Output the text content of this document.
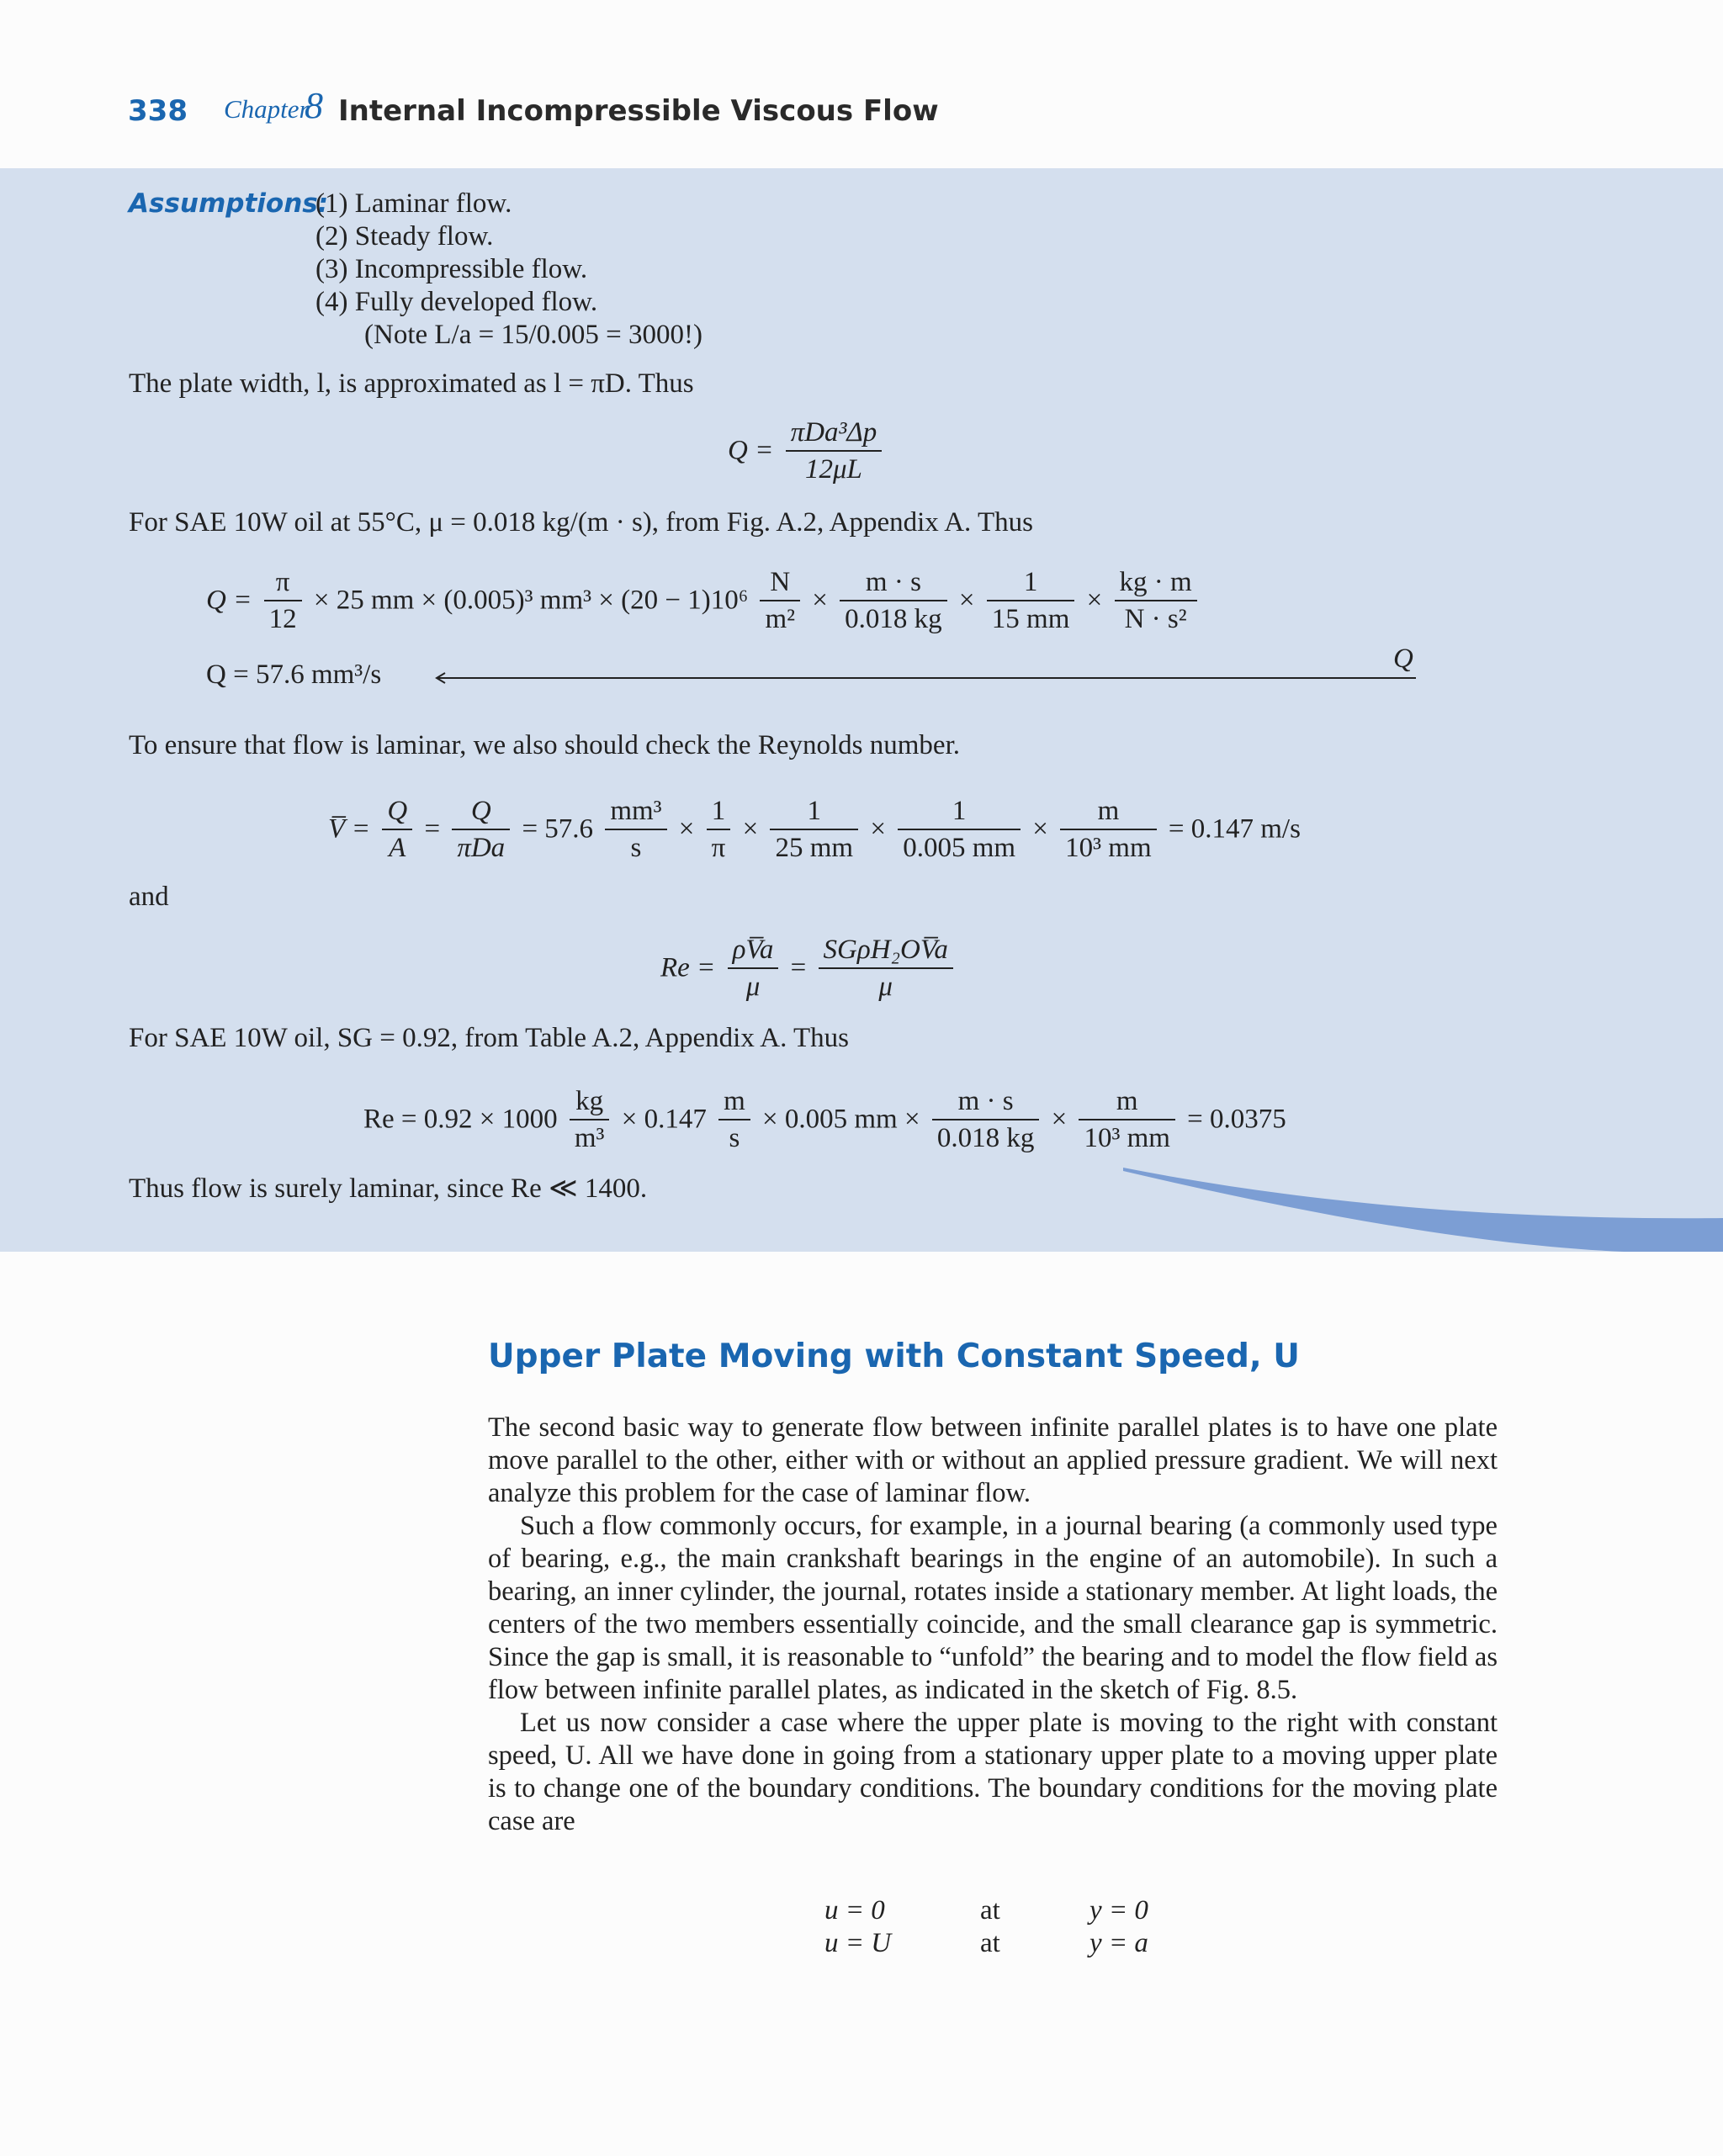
338 Chapter
8 Internal Incompressible Viscous Flow
Assumptions:
(1) Laminar flow.
(2) Steady flow.
(3) Incompressible flow.
(4) Fully developed flow.
(Note L/a = 15/0.005 = 3000!)
The plate width, l, is approximated as l = πD. Thus
$Q = \frac{\text{πDa³Δp}}{12\mu L}$
For SAE 10W oil at 55°C, μ = 0.018 kg/(m · s), from Fig. A.2, Appendix A. Thus
$Q = \frac{\pi}{12} \times 25$ mm × (0.005)³ $mm^3 \times (20 - 1)10^6 \frac{N}{\text{m²}} \times \frac{m \cdot s}{0.018 kg} \times \frac{1}{15 mm} \times \frac{kg \cdot m}{\text{N · s²}}$
Q = 57.6 mm³/s
Q
To ensure that flow is laminar, we also should check the Reynolds number.
V̅ = $\frac{Q}{A} = \frac{Q}{\text{πDa}} = 57.6 \frac{\text{mm³}}{s} \times \frac{1}{\pi} \times \frac{1}{25 mm} \times \frac{1}{0.005 mm} \times \frac{m}{\text{10³ mm}} = 0.147$ m/s
and
$Re = \frac{\rho V̅a}{\mu} = \frac{\text{SGρH₂OV̅a}}{\mu}$
For SAE 10W oil, SG = 0.92, from Table A.2, Appendix A. Thus
$Re = 0.92 \times 1000 \frac{kg}{\text{m³}} \times 0.147 \frac{m}{s} \times 0.005$ mm × $\frac{m \cdot s}{0.018 kg} \times \frac{m}{\text{10³ mm}} = 0.0375$
Thus flow is surely laminar, since Re ≪ 1400.
Upper Plate Moving with Constant Speed, U

The second basic way to generate flow between infinite parallel plates is to have one plate move parallel to the other, either with or without an applied pressure gradient. We will next analyze this problem for the case of laminar flow.

Such a flow commonly occurs, for example, in a journal bearing (a commonly used type of bearing, e.g., the main crankshaft bearings in the engine of an automobile). In such a bearing, an inner cylinder, the journal, rotates inside a stationary member. At light loads, the centers of the two members essentially coincide, and the small clearance gap is symmetric. Since the gap is small, it is reasonable to “unfold” the bearing and to model the flow field as flow between infinite parallel plates, as indicated in the sketch of Fig. 8.5.

Let us now consider a case where the upper plate is moving to the right with constant speed, U. All we have done in going from a stationary upper plate to a moving upper plate is to change one of the boundary conditions. The boundary conditions for the moving plate case are

u = 0	at	y = 0
u = U	at	y = a
